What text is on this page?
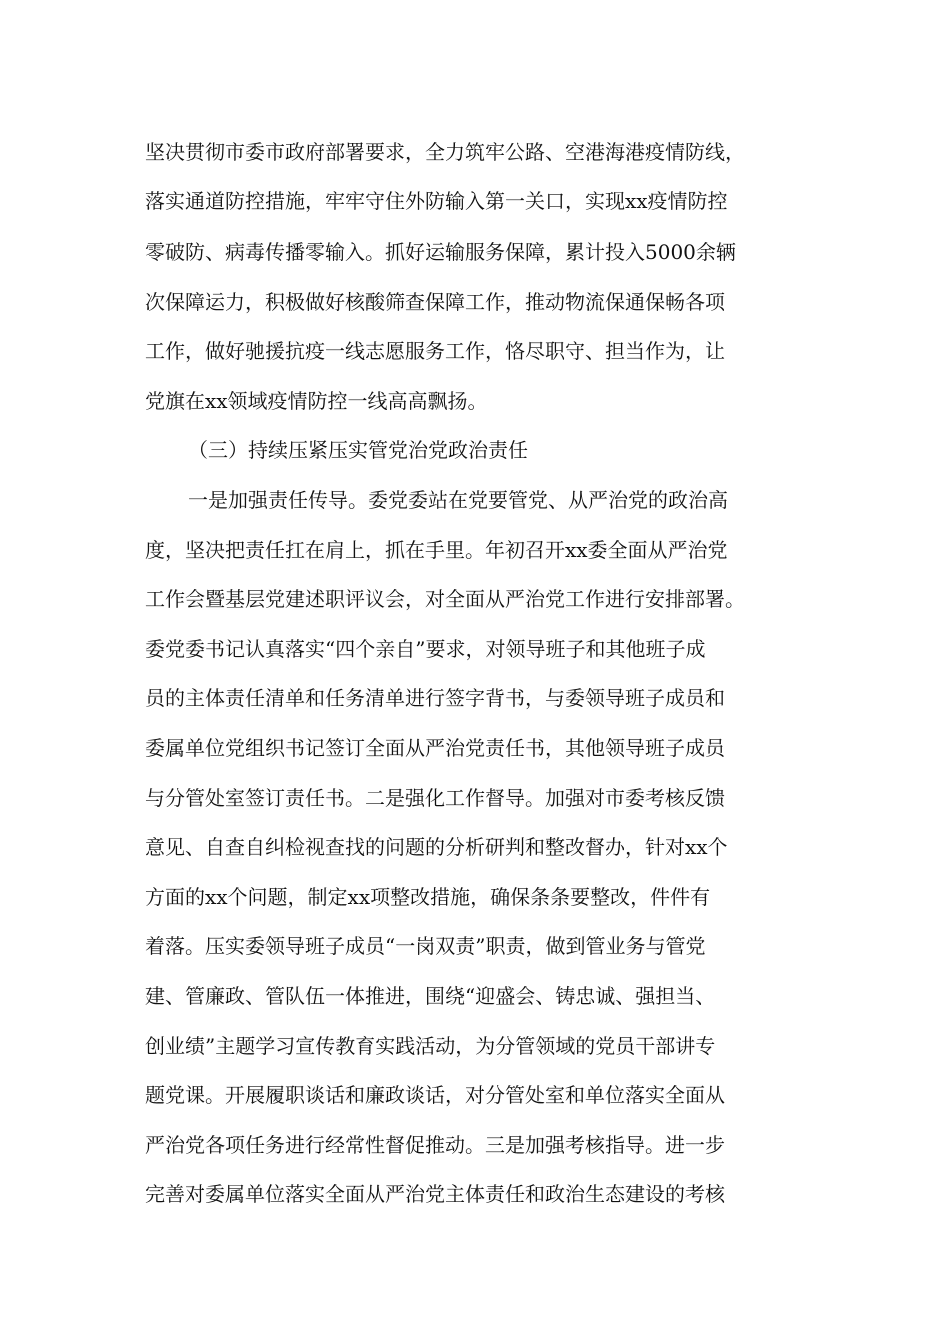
坚决贯彻市委市政府部署要求，全力筑牢公路、空港海港疫情防线，
落实通道防控措施，牢牢守住外防输入第一关口，实现xx疫情防控
零破防、病毒传播零输入。抓好运输服务保障，累计投入5000余辆
次保障运力，积极做好核酸筛查保障工作，推动物流保通保畅各项
工作，做好驰援抗疫一线志愿服务工作，恪尽职守、担当作为，让
党旗在xx领域疫情防控一线高高飘扬。
（三）持续压紧压实管党治党政治责任
一是加强责任传导。委党委站在党要管党、从严治党的政治高
度，坚决把责任扛在肩上，抓在手里。年初召开xx委全面从严治党
工作会暨基层党建述职评议会，对全面从严治党工作进行安排部署。
委党委书记认真落实“四个亲自”要求，对领导班子和其他班子成
员的主体责任清单和任务清单进行签字背书，与委领导班子成员和
委属单位党组织书记签订全面从严治党责任书，其他领导班子成员
与分管处室签订责任书。二是强化工作督导。加强对市委考核反馈
意见、自查自纠检视查找的问题的分析研判和整改督办，针对xx个
方面的xx个问题，制定xx项整改措施，确保条条要整改，件件有
着落。压实委领导班子成员“一岗双责”职责，做到管业务与管党
建、管廉政、管队伍一体推进，围绕“迎盛会、铸忠诚、强担当、
创业绩”主题学习宣传教育实践活动，为分管领域的党员干部讲专
题党课。开展履职谈话和廉政谈话，对分管处室和单位落实全面从
严治党各项任务进行经常性督促推动。三是加强考核指导。进一步
完善对委属单位落实全面从严治党主体责任和政治生态建设的考核
